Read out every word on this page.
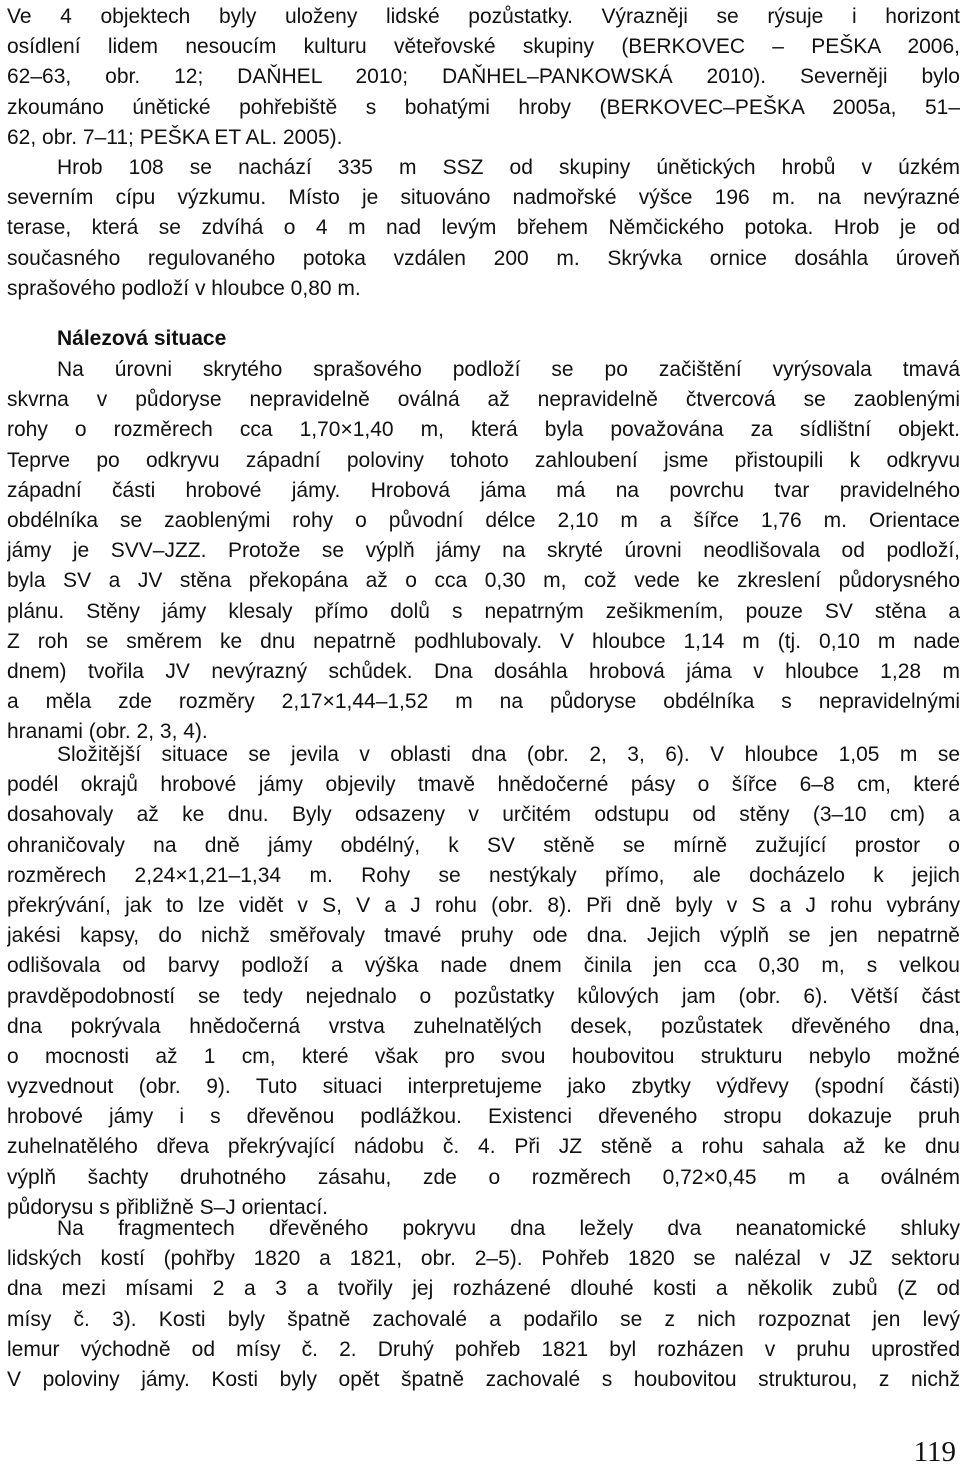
Ve 4 objektech byly uloženy lidské pozůstatky. Výrazněji se rýsuje i horizont
osídlení lidem nesoucím kulturu věteřovské skupiny (BERKOVEC – PEŠKA 2006,
62–63, obr. 12; DAŇHEL 2010; DAŇHEL–PANKOWSKÁ 2010). Severněji bylo
zkoumáno únětické pohřebiště s bohatými hroby (BERKOVEC–PEŠKA 2005a, 51–
62, obr. 7–11; PEŠKA ET AL. 2005).
Hrob 108 se nachází 335 m SSZ od skupiny únětických hrobů v úzkém
severním cípu výzkumu. Místo je situováno nadmořské výšce 196 m. na nevýrazné
terase, která se zdvíhá o 4 m nad levým břehem Němčického potoka. Hrob je od
současného regulovaného potoka vzdálen 200 m. Skrývka ornice dosáhla úroveň
sprašového podloží v hloubce 0,80 m.
Nálezová situace
Na úrovni skrytého sprašového podloží se po začištění vyrýsovala tmavá
skvrna v půdoryse nepravidelně oválná až nepravidelně čtvercová se zaoblenými
rohy o rozměrech cca 1,70×1,40 m, která byla považována za sídlištní objekt.
Teprve po odkryvu západní poloviny tohoto zahloubení jsme přistoupili k odkryvu
západní části hrobové jámy. Hrobová jáma má na povrchu tvar pravidelného
obdélníka se zaoblenými rohy o původní délce 2,10 m a šířce 1,76 m. Orientace
jámy je SVV–JZZ. Protože se výplň jámy na skryté úrovni neodlišovala od podloží,
byla SV a JV stěna překopána až o cca 0,30 m, což vede ke zkreslení půdorysného
plánu. Stěny jámy klesaly přímo dolů s nepatrným zešikmením, pouze SV stěna a
Z roh se směrem ke dnu nepatrně podhlubovaly. V hloubce 1,14 m (tj. 0,10 m nade
dnem) tvořila JV nevýrazný schůdek. Dna dosáhla hrobová jáma v hloubce 1,28 m
a měla zde rozměry 2,17×1,44–1,52 m na půdoryse obdélníka s nepravidelnými
hranami (obr. 2, 3, 4).
Složitější situace se jevila v oblasti dna (obr. 2, 3, 6). V hloubce 1,05 m se
podél okrajů hrobové jámy objevily tmavě hnědočerné pásy o šířce 6–8 cm, které
dosahovaly až ke dnu. Byly odsazeny v určitém odstupu od stěny (3–10 cm) a
ohraničovaly na dně jámy obdélný, k SV stěně se mírně zužující prostor o
rozměrech 2,24×1,21–1,34 m. Rohy se nestýkaly přímo, ale docházelo k jejich
překrývání, jak to lze vidět v S, V a J rohu (obr. 8). Při dně byly v S a J rohu vybrány
jakési kapsy, do nichž směřovaly tmavé pruhy ode dna. Jejich výplň se jen nepatrně
odlišovala od barvy podloží a výška nade dnem činila jen cca 0,30 m, s velkou
pravděpodobností se tedy nejednalo o pozůstatky kůlových jam (obr. 6). Větší část
dna pokrývala hnědočerná vrstva zuhelnatělých desek, pozůstatek dřevěného dna,
o mocnosti až 1 cm, které však pro svou houbovitou strukturu nebylo možné
vyzvednout (obr. 9). Tuto situaci interpretujeme jako zbytky výdřevy (spodní části)
hrobové jámy i s dřevěnou podlážkou. Existenci dřeveného stropu dokazuje pruh
zuhelnatělého dřeva překrývající nádobu č. 4. Při JZ stěně a rohu sahala až ke dnu
výplň šachty druhotného zásahu, zde o rozměrech 0,72×0,45 m a oválném
půdorysu s přibližně S–J orientací.
Na fragmentech dřevěného pokryvu dna ležely dva neanatomické shluky
lidských kostí (pohřby 1820 a 1821, obr. 2–5). Pohřeb 1820 se nalézal v JZ sektoru
dna mezi mísami 2 a 3 a tvořily jej rozházené dlouhé kosti a několik zubů (Z od
mísy č. 3). Kosti byly špatně zachovalé a podařilo se z nich rozpoznat jen levý
lemur východně od mísy č. 2. Druhý pohřeb 1821 byl rozházen v pruhu uprostřed
V poloviny jámy. Kosti byly opět špatně zachovalé s houbovitou strukturou, z nichž
119
